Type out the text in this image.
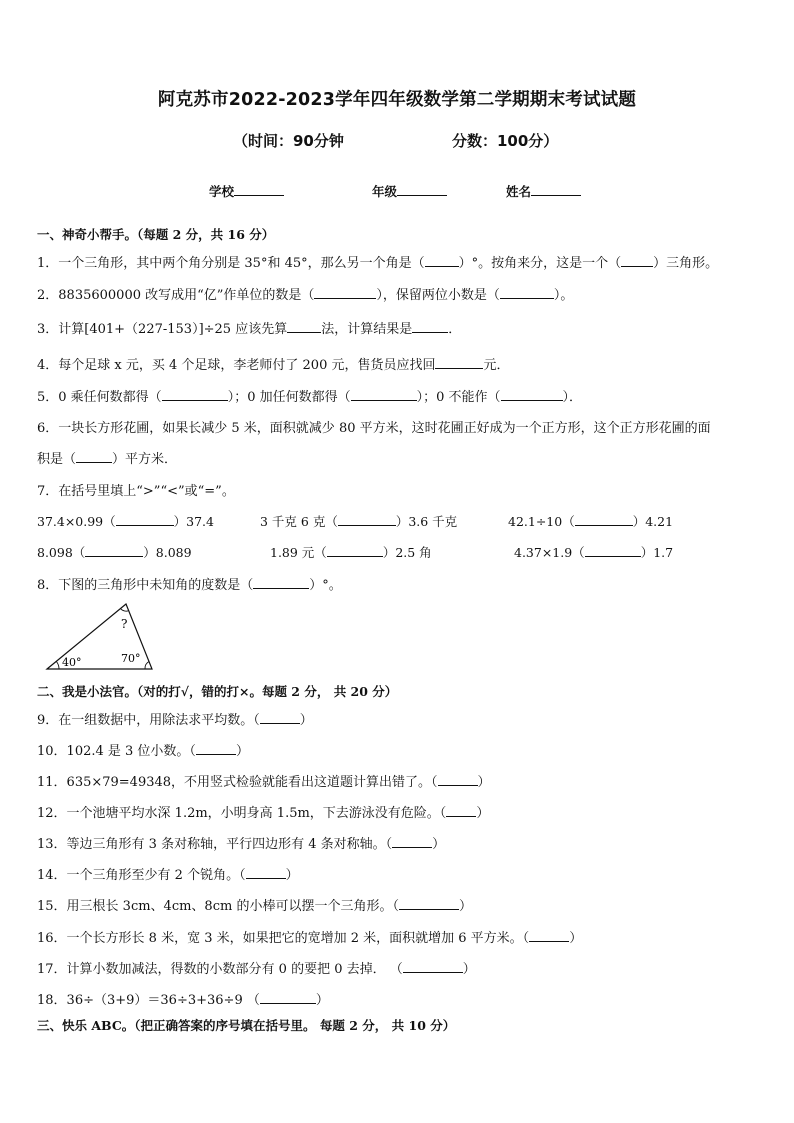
阿克苏市2022-2023学年四年级数学第二学期期末考试试题
（时间：90分钟	分数：100分）
学校	年级	姓名
一、神奇小帮手。（每题 2 分，共 16 分）
1．一个三角形，其中两个角分别是 35°和 45°，那么另一个角是（	）°。按角来分，这是一个（ ）三角形。
2．8835600000 改写成用“亿”作单位的数是（	），保留两位小数是（	）。
3．计算[401+（227-153）]÷25 应该先算	法，计算结果是	．
4．每个足球 x 元，买 4 个足球，李老师付了 200 元，售货员应找回	元．
5．0 乘任何数都得（	）；0 加任何数都得（	）；0 不能作（	）．
6．一块长方形花圃，如果长减少 5 米，面积就减少 80 平方米，这时花圃正好成为一个正方形，这个正方形花圃的面
积是（	）平方米．
7．在括号里填上“>”“<”或“=”。
37.4×0.99（	）37.4	3 千克 6 克（	）3.6 千克	42.1÷10（	）4.21
8.098（	）8.089	1.89 元（	）2.5 角	4.37×1.9（	）1.7
8．下图的三角形中未知角的度数是（	）°。
40°	70°
?
二、我是小法官。（对的打√，错的打×。每题 2 分， 共 20 分）
9．在一组数据中，用除法求平均数。（	）
10．102.4 是 3 位小数。（	）
11．635×79=49348，不用竖式检验就能看出这道题计算出错了。（	）
12．一个池塘平均水深 1.2m，小明身高 1.5m，下去游泳没有危险。（ ）
13．等边三角形有 3 条对称轴，平行四边形有 4 条对称轴。（	）
14．一个三角形至少有 2 个锐角。（	）
15．用三根长 3cm、4cm、8cm 的小棒可以摆一个三角形。（	）
16．一个长方形长 8 米，宽 3 米，如果把它的宽增加 2 米，面积就增加 6 平方米。（	）
17．计算小数加减法，得数的小数部分有 0 的要把 0 去掉． （	）
18．36÷（3+9）＝36÷3+36÷9 （	）
三、快乐 ABC。（把正确答案的序号填在括号里。 每题 2 分， 共 10 分）
